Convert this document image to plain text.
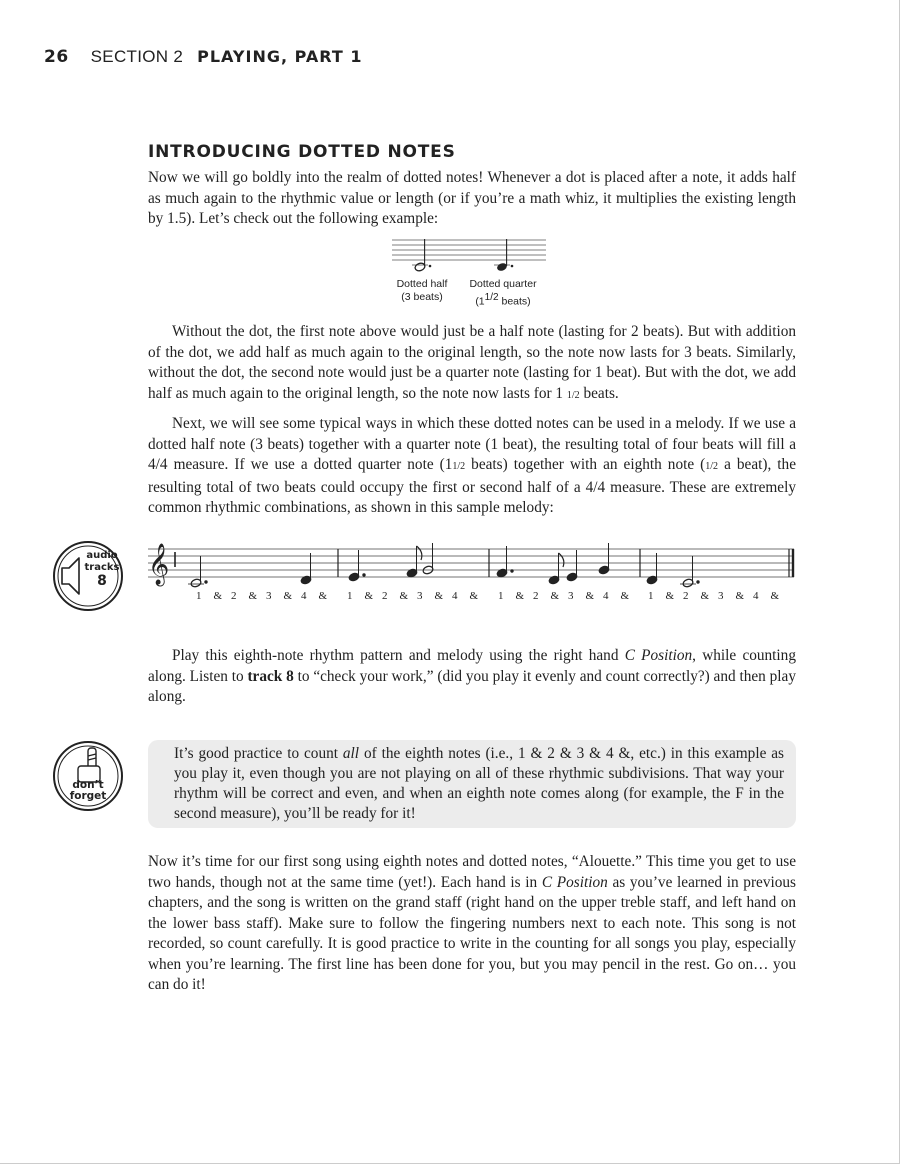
26 SECTION 2 PLAYING, PART 1
INTRODUCING DOTTED NOTES

Now we will go boldly into the realm of dotted notes! Whenever a dot is placed after a note, it adds half as much again to the rhythmic value or length (or if you’re a math whiz, it multiplies the existing length by 1.5). Let’s check out the following example:

Dotted half
(3 beats)
Dotted quarter
($1^{1/2}$ beats)

Without the dot, the first note above would just be a half note (lasting for 2 beats). But with addition of the dot, we add half as much again to the original length, so the note now lasts for 3 beats. Similarly, without the dot, the second note would just be a quarter note (lasting for 1 beat). But with the dot, we add half as much again to the original length, so the note now lasts for 1 1/2 beats.

Next, we will see some typical ways in which these dotted notes can be used in a melody. If we use a dotted half note (3 beats) together with a quarter note (1 beat), the resulting total of four beats will fill a 4/4 measure. If we use a dotted quarter note (11/2 beats) together with an eighth note (1/2 a beat), the resulting total of two beats could occupy the first or second half of a 4/4 measure. These are extremely common rhythmic combinations, as shown in this sample melody:

audio
tracks
8	𝄞
1 & 2 & 3 & 4 & 1 & 2 & 3 & 4 & 1 & 2 & 3 & 4 & 1 & 2 & 3 & 4 &

Play this eighth-note rhythm pattern and melody using the right hand C Position, while counting along. Listen to track 8 to “check your work,” (did you play it evenly and count correctly?) and then play along.

don’t
forget

It’s good practice to count all of the eighth notes (i.e., 1 & 2 & 3 & 4 &, etc.) in this example as you play it, even though you are not playing on all of these rhythmic subdivisions. That way your rhythm will be correct and even, and when an eighth note comes along (for example, the F in the second measure), you’ll be ready for it!

Now it’s time for our first song using eighth notes and dotted notes, “Alouette.” This time you get to use two hands, though not at the same time (yet!). Each hand is in C Position as you’ve learned in previous chapters, and the song is written on the grand staff (right hand on the upper treble staff, and left hand on the lower bass staff). Make sure to follow the fingering numbers next to each note. This song is not recorded, so count carefully. It is good practice to write in the counting for all songs you play, especially when you’re learning. The first line has been done for you, but you may pencil in the rest. Go on… you can do it!
